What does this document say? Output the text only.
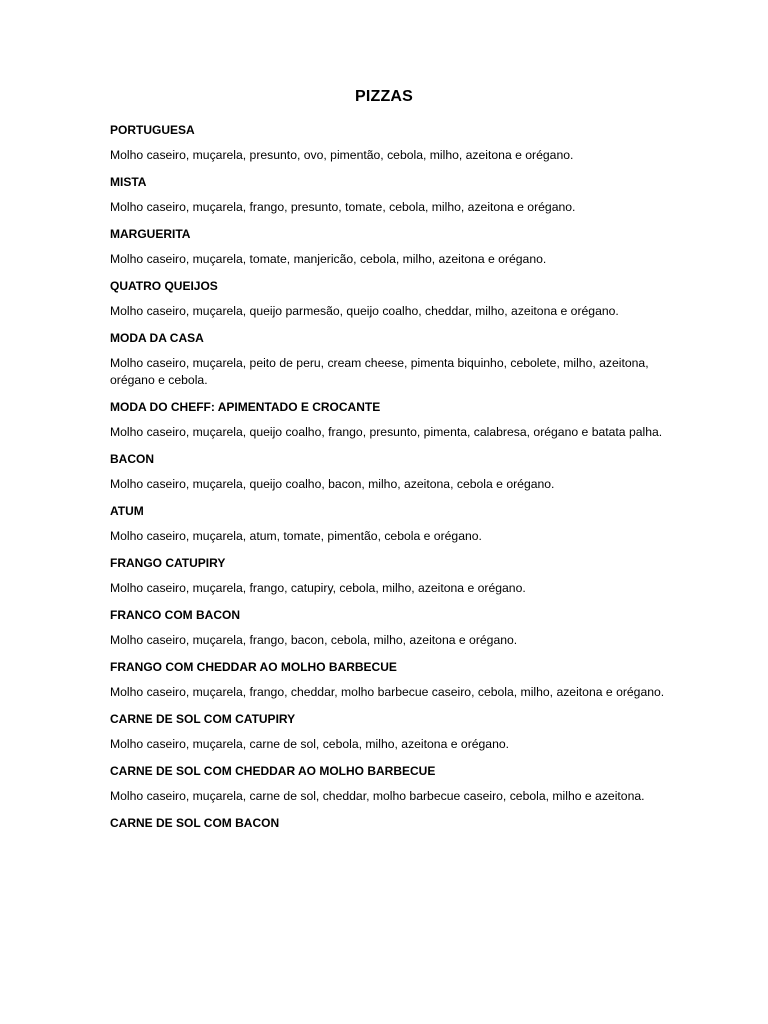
PIZZAS

PORTUGUESA

Molho caseiro, muçarela, presunto, ovo, pimentão, cebola, milho, azeitona e orégano.

MISTA

Molho caseiro, muçarela, frango, presunto, tomate, cebola, milho, azeitona e orégano.

MARGUERITA

Molho caseiro, muçarela, tomate, manjericão, cebola, milho, azeitona e orégano.

QUATRO QUEIJOS

Molho caseiro, muçarela, queijo parmesão, queijo coalho, cheddar, milho, azeitona e orégano.

MODA DA CASA

Molho caseiro, muçarela, peito de peru, cream cheese, pimenta biquinho, cebolete, milho, azeitona, orégano e cebola.

MODA DO CHEFF: APIMENTADO E CROCANTE

Molho caseiro, muçarela, queijo coalho, frango, presunto, pimenta, calabresa, orégano e batata palha.

BACON

Molho caseiro, muçarela, queijo coalho, bacon, milho, azeitona, cebola e orégano.

ATUM

Molho caseiro, muçarela, atum, tomate, pimentão, cebola e orégano.

FRANGO CATUPIRY

Molho caseiro, muçarela, frango, catupiry, cebola, milho, azeitona e orégano.

FRANCO COM BACON

Molho caseiro, muçarela, frango, bacon, cebola, milho, azeitona e orégano.

FRANGO COM CHEDDAR AO MOLHO BARBECUE

Molho caseiro, muçarela, frango, cheddar, molho barbecue caseiro, cebola, milho, azeitona e orégano.

CARNE DE SOL COM CATUPIRY

Molho caseiro, muçarela, carne de sol, cebola, milho, azeitona e orégano.

CARNE DE SOL COM CHEDDAR AO MOLHO BARBECUE

Molho caseiro, muçarela, carne de sol, cheddar, molho barbecue caseiro, cebola, milho e azeitona.

CARNE DE SOL COM BACON
